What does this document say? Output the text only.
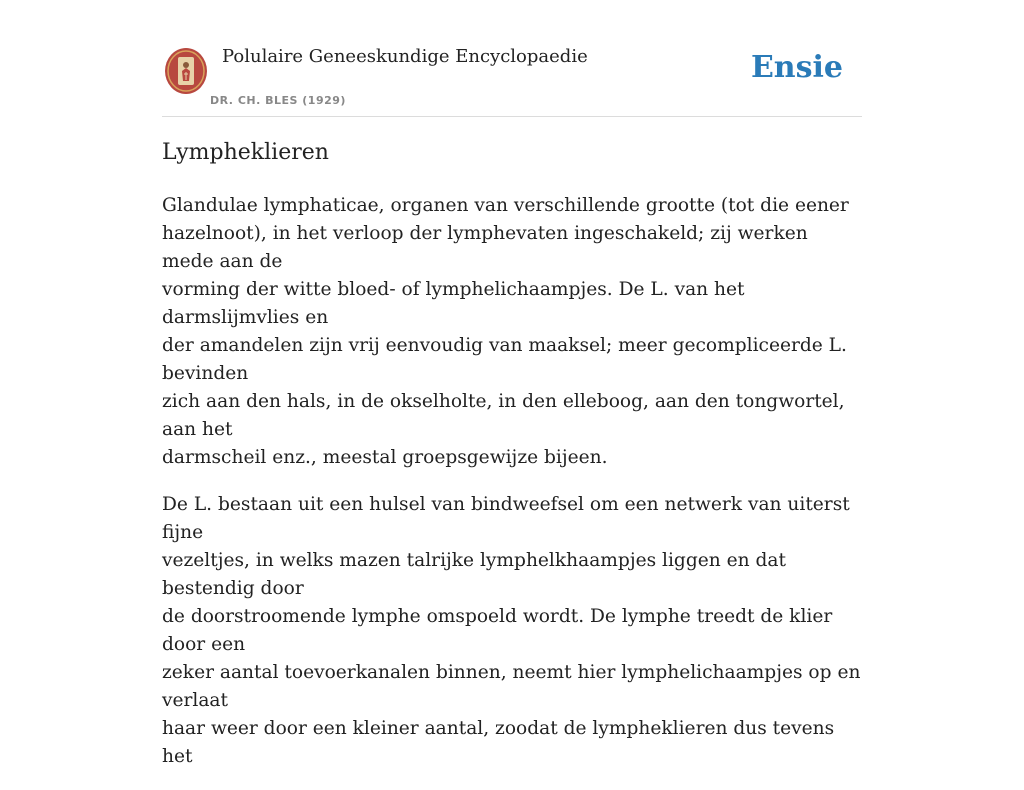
Polulaire Geneeskundige Encyclopaedie
DR. CH. BLES (1929)
Ensie
Lympheklieren

Glandulae lymphaticae, organen van verschillende grootte (tot die eener
hazelnoot), in het verloop der lymphevaten ingeschakeld; zij werken mede aan de
vorming der witte bloed- of lymphelichaampjes. De L. van het darmslijmvlies en
der amandelen zijn vrij eenvoudig van maaksel; meer gecompliceerde L. bevinden
zich aan den hals, in de okselholte, in den elleboog, aan den tongwortel, aan het
darmscheil enz., meestal groepsgewijze bijeen.

De L. bestaan uit een hulsel van bindweefsel om een netwerk van uiterst fijne
vezeltjes, in welks mazen talrijke lymphelkhaampjes liggen en dat bestendig door
de doorstroomende lymphe omspoeld wordt. De lymphe treedt de klier door een
zeker aantal toevoerkanalen binnen, neemt hier lymphelichaampjes op en verlaat
haar weer door een kleiner aantal, zoodat de lympheklieren dus tevens het
